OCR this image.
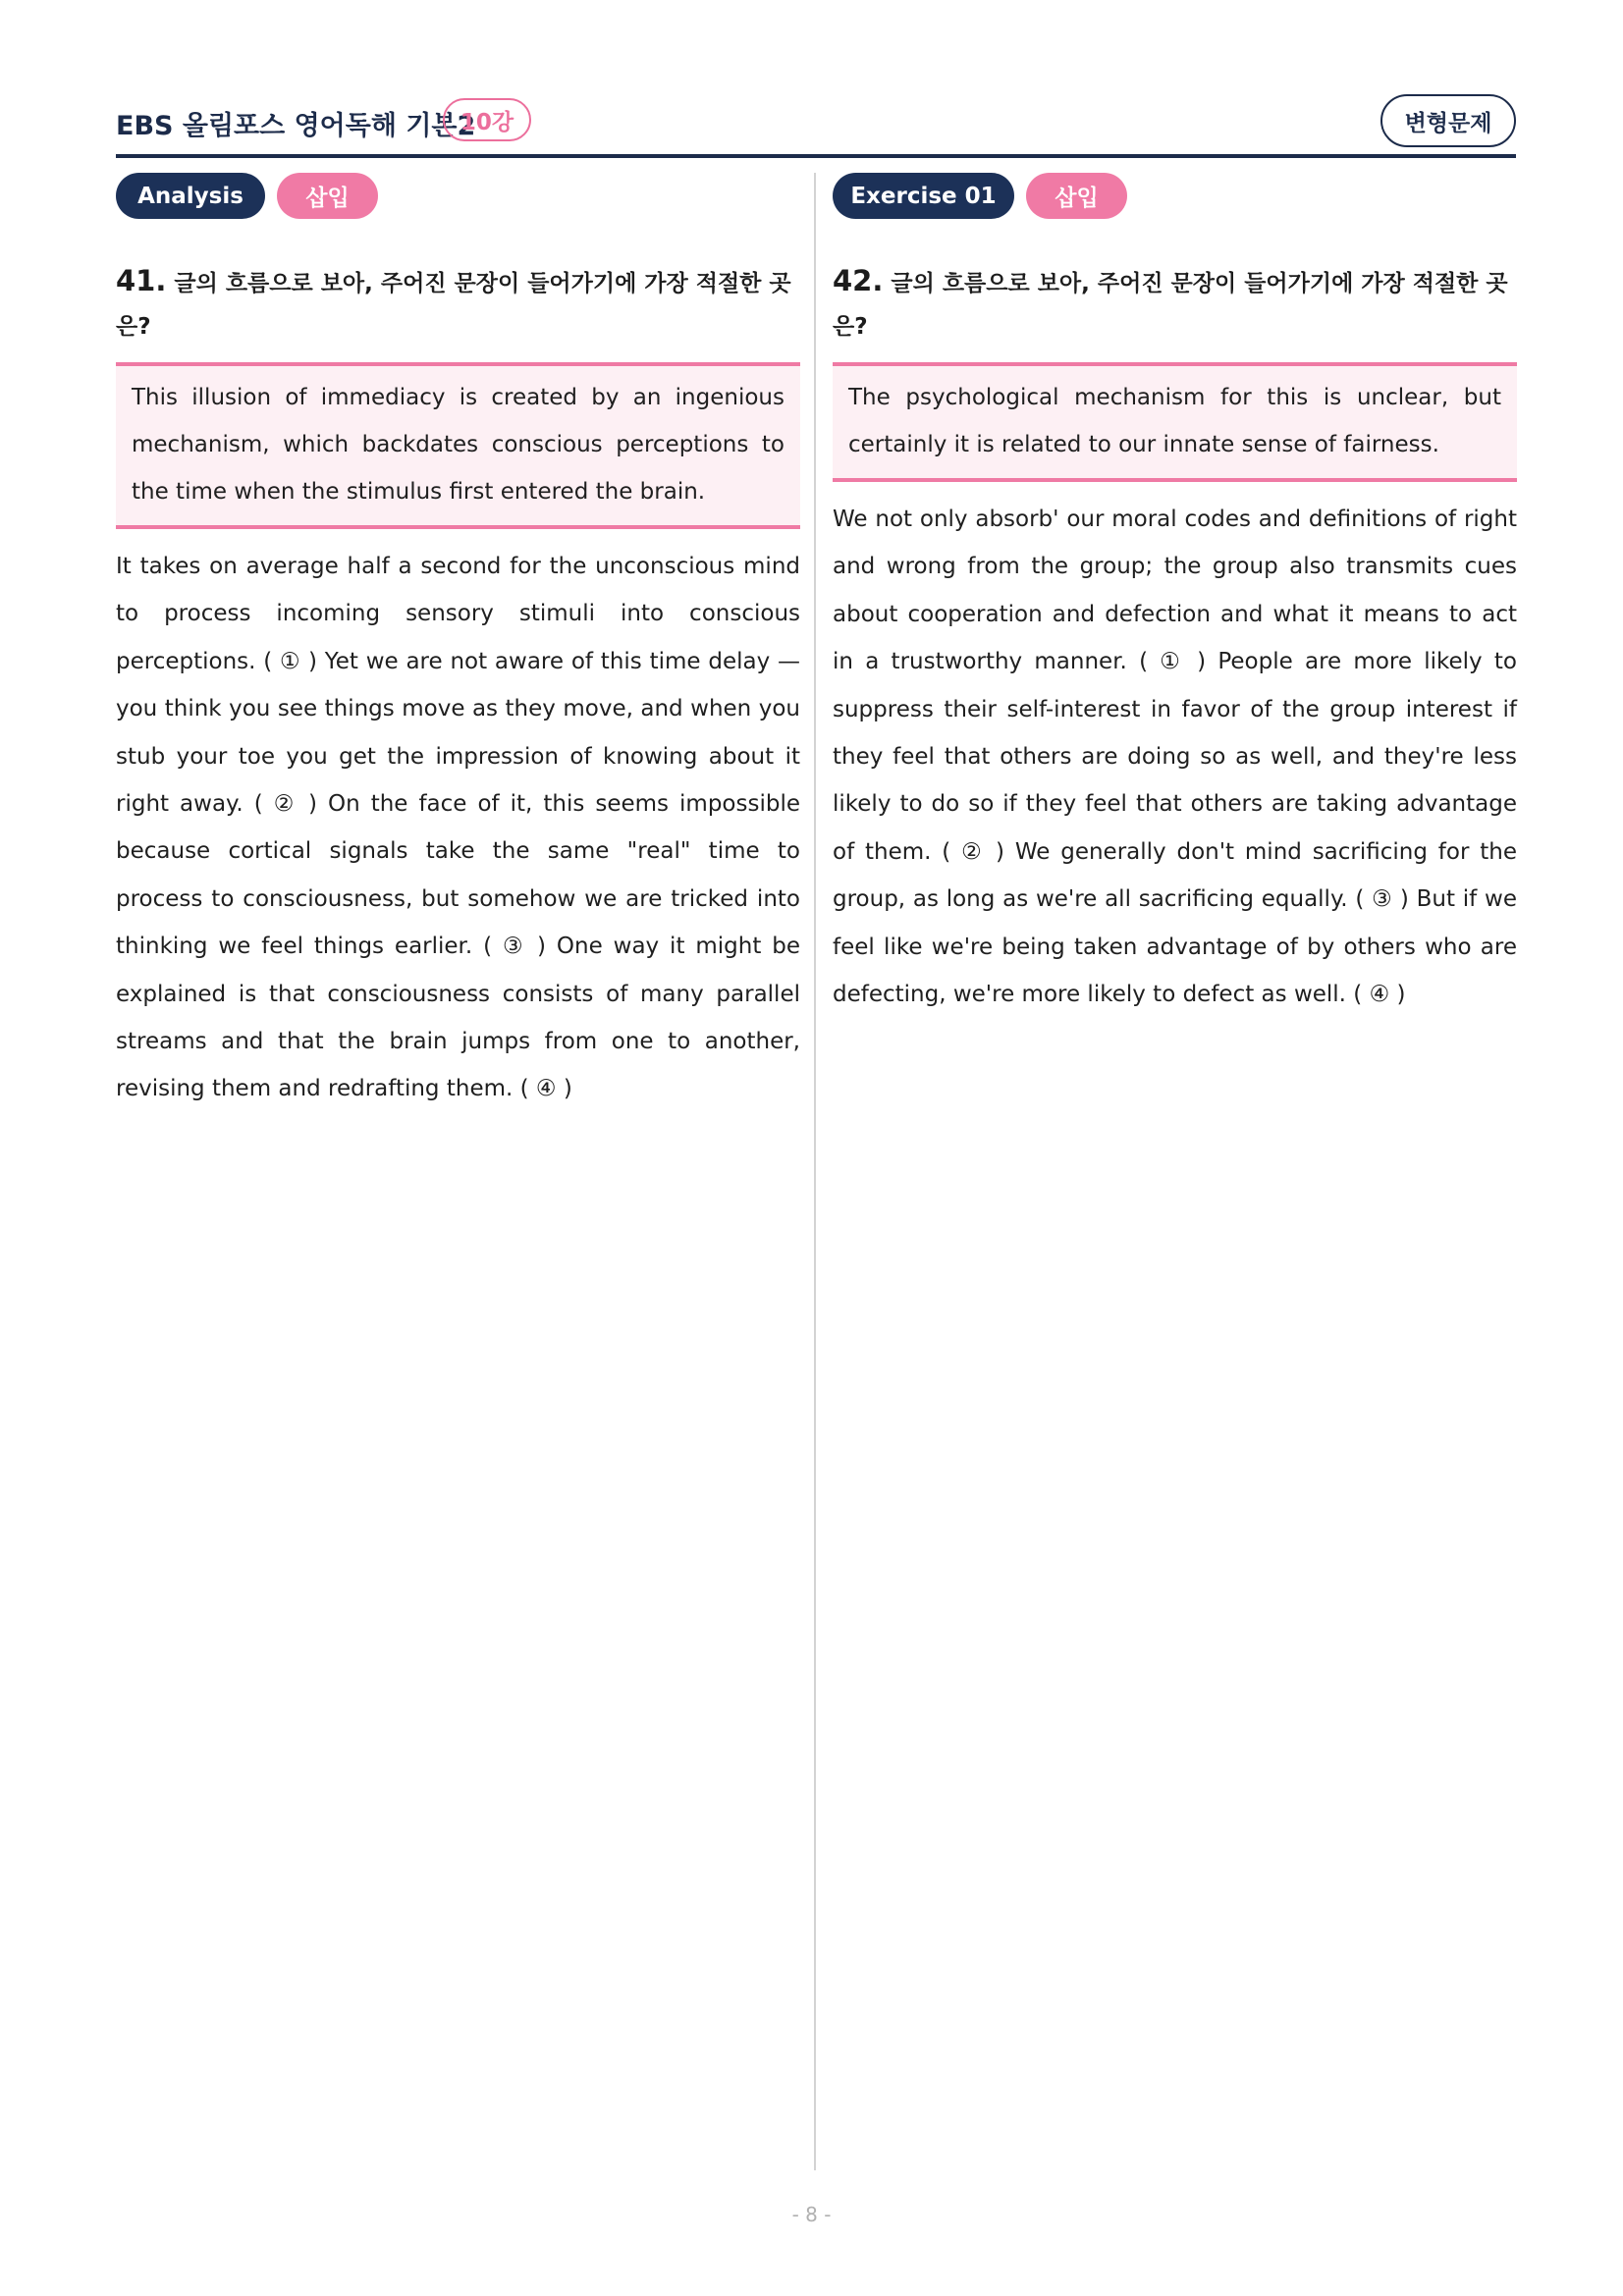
EBS 올림포스 영어독해 기본2
10강	변형문제
Analysis	삽입
41. 글의 흐름으로 보아, 주어진 문장이 들어가기에 가장 적절한 곳은?
This illusion of immediacy is created by an ingenious mechanism, which backdates conscious perceptions to the time when the stimulus first entered the brain.
It takes on average half a second for the unconscious mind to process incoming sensory stimuli into conscious perceptions. ( ① ) Yet we are not aware of this time delay — you think you see things move as they move, and when you stub your toe you get the impression of knowing about it right away. ( ② ) On the face of it, this seems impossible because cortical signals take the same "real" time to process to consciousness, but somehow we are tricked into thinking we feel things earlier. ( ③ ) One way it might be explained is that consciousness consists of many parallel streams and that the brain jumps from one to another, revising them and redrafting them. ( ④ )
Exercise 01	삽입
42. 글의 흐름으로 보아, 주어진 문장이 들어가기에 가장 적절한 곳은?
The psychological mechanism for this is unclear, but certainly it is related to our innate sense of fairness.
We not only absorb' our moral codes and definitions of right and wrong from the group; the group also transmits cues about cooperation and defection and what it means to act in a trustworthy manner. ( ① ) People are more likely to suppress their self-interest in favor of the group interest if they feel that others are doing so as well, and they're less likely to do so if they feel that others are taking advantage of them. ( ② ) We generally don't mind sacrificing for the group, as long as we're all sacrificing equally. ( ③ ) But if we feel like we're being taken advantage of by others who are defecting, we're more likely to defect as well. ( ④ )
- 8 -
